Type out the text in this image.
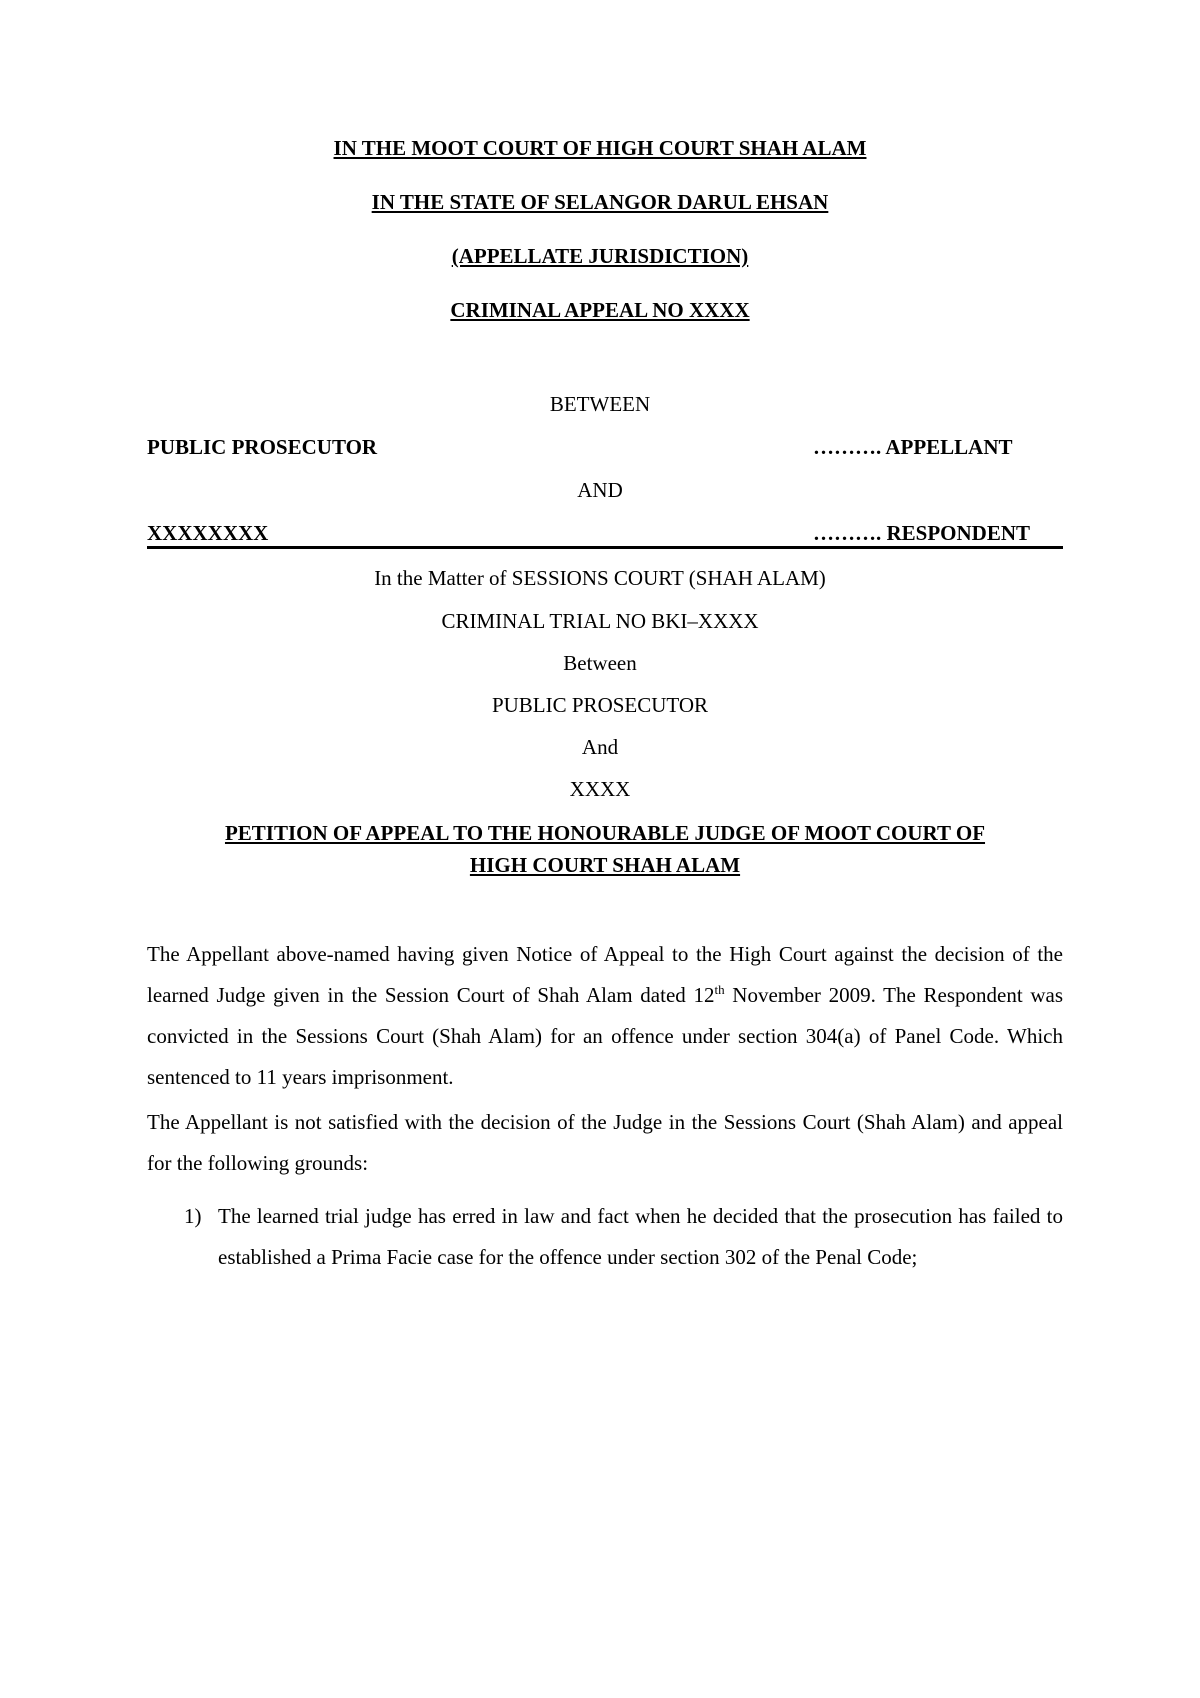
IN THE MOOT COURT OF HIGH COURT SHAH ALAM
IN THE STATE OF SELANGOR DARUL EHSAN
(APPELLATE JURISDICTION)
CRIMINAL APPEAL NO XXXX
BETWEEN
PUBLIC PROSECUTOR	………. APPELLANT
AND
XXXXXXXX	………. RESPONDENT
In the Matter of SESSIONS COURT (SHAH ALAM)
CRIMINAL TRIAL NO BKI–XXXX
Between
PUBLIC PROSECUTOR
And
XXXX
PETITION OF APPEAL TO THE HONOURABLE JUDGE OF MOOT COURT OF
HIGH COURT SHAH ALAM

The Appellant above-named having given Notice of Appeal to the High Court against the decision of the learned Judge given in the Session Court of Shah Alam dated 12th November 2009. The Respondent was convicted in the Sessions Court (Shah Alam) for an offence under section 304(a) of Panel Code. Which sentenced to 11 years imprisonment.

The Appellant is not satisfied with the decision of the Judge in the Sessions Court (Shah Alam) and appeal for the following grounds:

1) The learned trial judge has erred in law and fact when he decided that the prosecution has failed to established a Prima Facie case for the offence under section 302 of the Penal Code;
